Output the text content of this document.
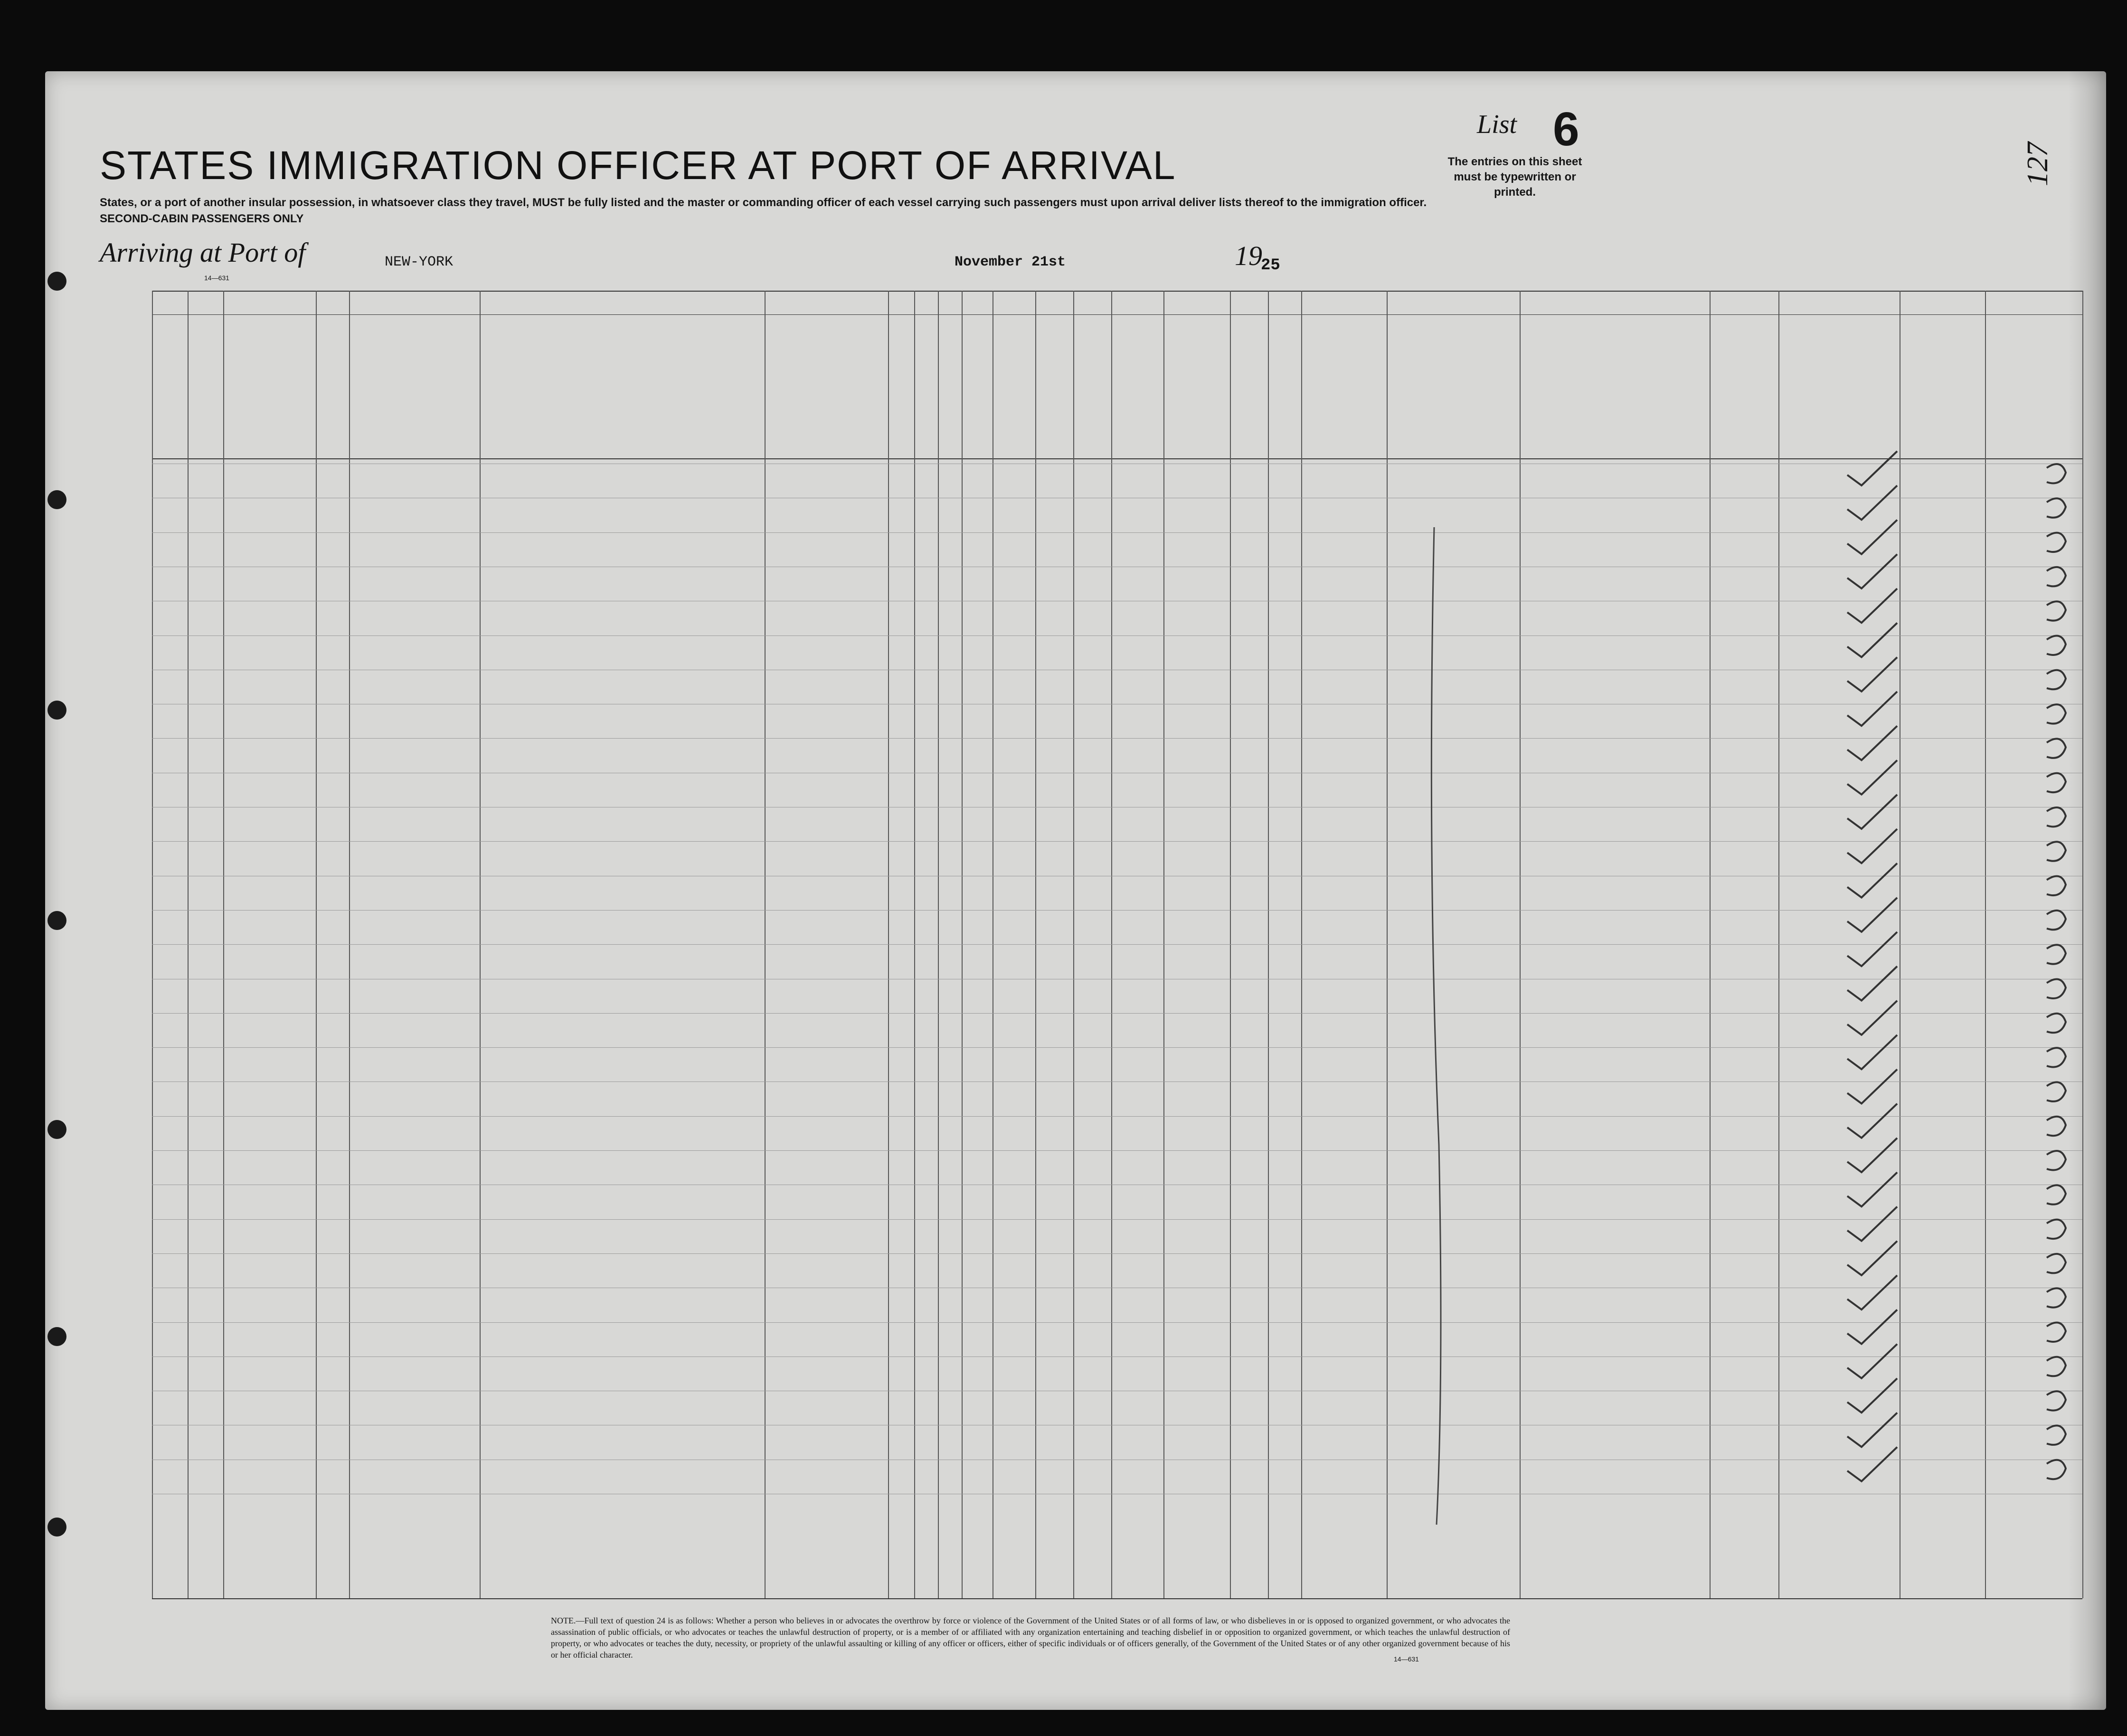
STATES IMMIGRATION OFFICER AT PORT OF ARRIVAL
List 6
The entries on this sheet must be typewritten or printed.
127
States, or a port of another insular possession, in whatsoever class they travel, MUST be fully listed and the master or commanding officer of each vessel carrying such passengers must upon arrival deliver lists thereof to the immigration officer.
SECOND-CABIN PASSENGERS ONLY
Arriving at Port of
14—631
NEW-YORK	November 21st	19
25
NOTE.—Full text of question 24 is as follows: Whether a person who believes in or advocates the overthrow by force or violence of the Government of the United States or of all forms of law, or who disbelieves in or is opposed to organized government, or who advocates the assassination of public officials, or who advocates or teaches the unlawful destruction of property, or is a member of or affiliated with any organization entertaining and teaching disbelief in or opposition to organized government, or which teaches the unlawful destruction of property, or who advocates or teaches the duty, necessity, or propriety of the unlawful assaulting or killing of any officer or officers, either of specific individuals or of officers generally, of the Government of the United States or of any other organized government because of his or her official character.	14—631
